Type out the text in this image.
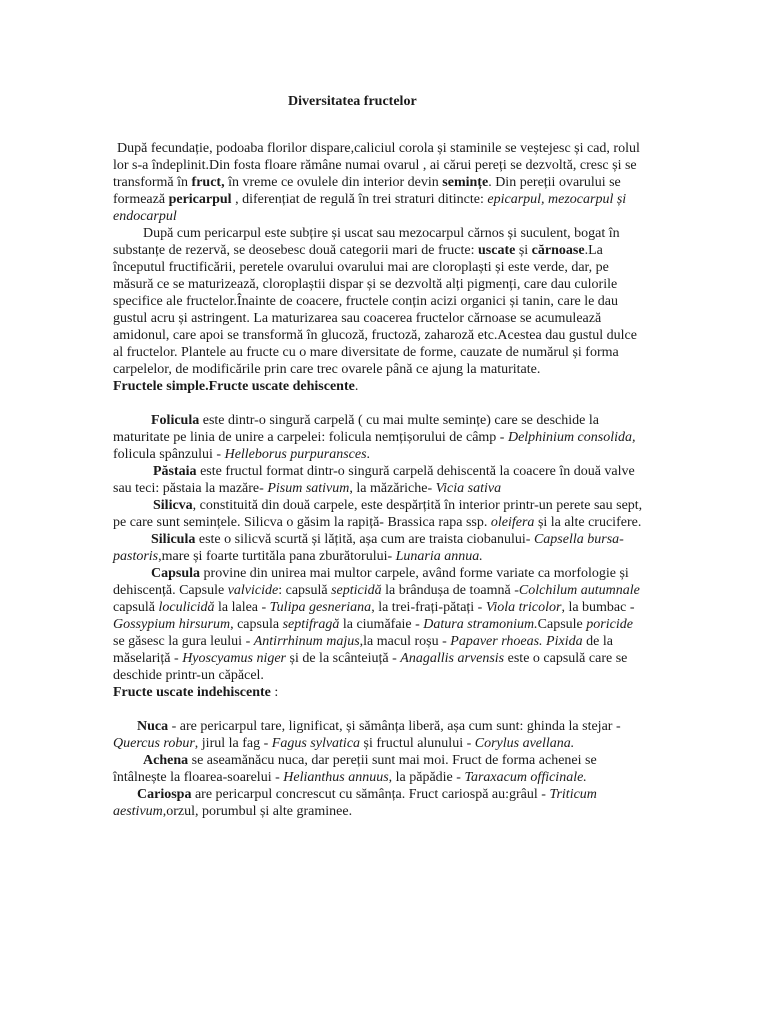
Diversitatea fructelor

După fecundație, podoaba florilor dispare,caliciul corola și staminile se veștejesc și cad, rolul lor s-a îndeplinit.Din fosta floare rămâne numai ovarul , ai cărui pereți se dezvoltă, cresc și se transformă în fruct, în vreme ce ovulele din interior devin semințe. Din pereții ovarului se formează pericarpul , diferențiat de regulă în trei straturi ditincte: epicarpul, mezocarpul și endocarpul

După cum pericarpul este subțire și uscat sau mezocarpul cărnos și suculent, bogat în substanțe de rezervă, se deosebesc două categorii mari de fructe: uscate și cărnoase.La începutul fructificării, peretele ovarului ovarului mai are cloroplaști și este verde, dar, pe măsură ce se maturizează, cloroplaștii dispar și se dezvoltă alți pigmenți, care dau culorile specifice ale fructelor.Înainte de coacere, fructele conțin acizi organici și tanin, care le dau gustul acru și astringent. La maturizarea sau coacerea fructelor cărnoase se acumulează amidonul, care apoi se transformă în glucoză, fructoză, zaharoză etc.Acestea dau gustul dulce al fructelor. Plantele au fructe cu o mare diversitate de forme, cauzate de numărul și forma carpelelor, de modificările prin care trec ovarele până ce ajung la maturitate.

Fructele simple.Fructe uscate dehiscente.

Folicula este dintr-o singură carpelă ( cu mai multe semințe) care se deschide la maturitate pe linia de unire a carpelei: folicula nemțișorului de câmp - Delphinium consolida, folicula spânzului - Helleborus purpuransces.

Păstaia este fructul format dintr-o singură carpelă dehiscentă la coacere în două valve sau teci: păstaia la mazăre- Pisum sativum, la măzăriche- Vicia sativa

Silicva, constituită din două carpele, este despărțită în interior printr-un perete sau sept, pe care sunt semințele. Silicva o găsim la rapiță- Brassica rapa ssp. oleifera și la alte crucifere.

Silicula este o silicvă scurtă și lățită, așa cum are traista ciobanului- Capsella bursa-pastoris,mare și foarte turtităla pana zburătorului- Lunaria annua.

Capsula provine din unirea mai multor carpele, având forme variate ca morfologie și dehiscență. Capsule valvicide: capsulă septicidă la brândușa de toamnă -Colchilum autumnale capsulă loculicidă la lalea - Tulipa gesneriana, la trei-frați-pătați - Viola tricolor, la bumbac - Gossypium hirsurum, capsula septifragă la ciumăfaie - Datura stramonium.Capsule poricide se găsesc la gura leului - Antirrhinum majus,la macul roșu - Papaver rhoeas. Pixida de la măselariță - Hyoscyamus niger și de la scânteiuță - Anagallis arvensis este o capsulă care se deschide printr-un căpăcel.

Fructe uscate indehiscente :

Nuca - are pericarpul tare, lignificat, și sămânța liberă, așa cum sunt: ghinda la stejar - Quercus robur, jirul la fag - Fagus sylvatica și fructul alunului - Corylus avellana.

Achena se aseamănăcu nuca, dar pereții sunt mai moi. Fruct de forma achenei se întâlnește la floarea-soarelui - Helianthus annuus, la păpădie - Taraxacum officinale.

Cariospa are pericarpul concrescut cu sămânța. Fruct cariospă au:grâul - Triticum aestivum,orzul, porumbul și alte graminee.
